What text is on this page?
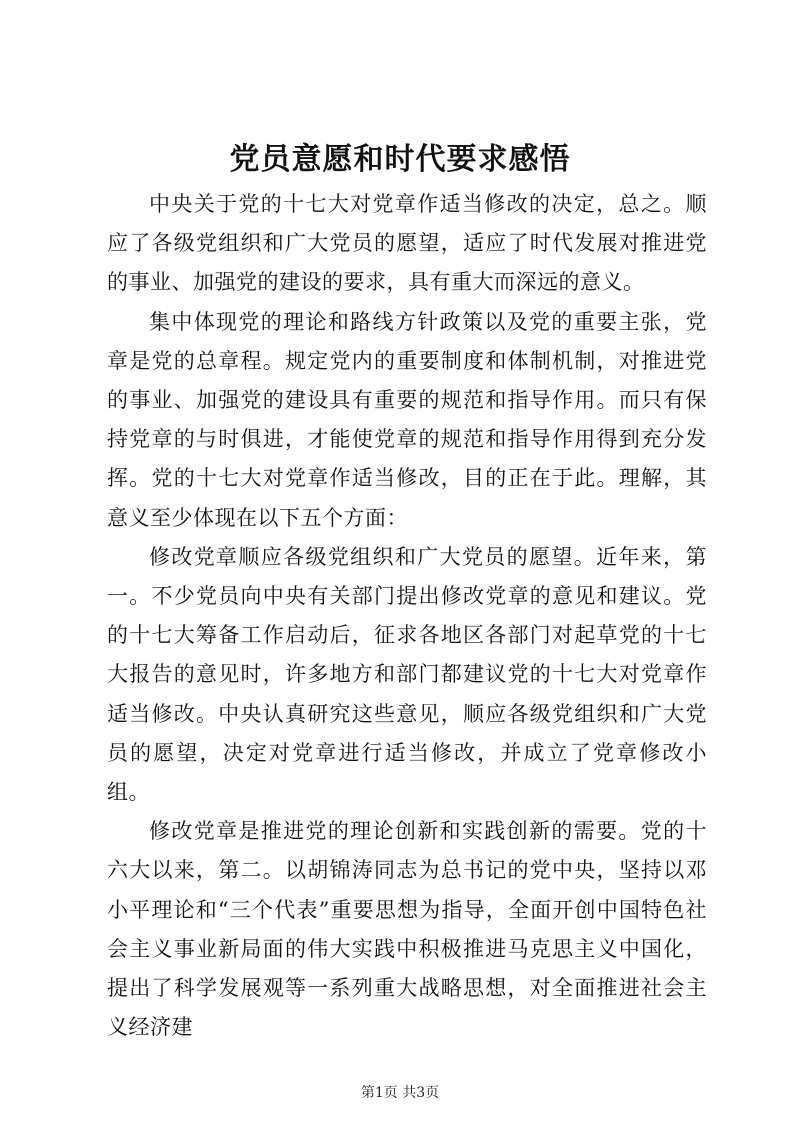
党员意愿和时代要求感悟

中央关于党的十七大对党章作适当修改的决定，总之。顺应了各级党组织和广大党员的愿望，适应了时代发展对推进党的事业、加强党的建设的要求，具有重大而深远的意义。

集中体现党的理论和路线方针政策以及党的重要主张，党章是党的总章程。规定党内的重要制度和体制机制，对推进党的事业、加强党的建设具有重要的规范和指导作用。而只有保持党章的与时俱进，才能使党章的规范和指导作用得到充分发挥。党的十七大对党章作适当修改，目的正在于此。理解，其意义至少体现在以下五个方面：

修改党章顺应各级党组织和广大党员的愿望。近年来，第一。不少党员向中央有关部门提出修改党章的意见和建议。党的十七大筹备工作启动后，征求各地区各部门对起草党的十七大报告的意见时，许多地方和部门都建议党的十七大对党章作适当修改。中央认真研究这些意见，顺应各级党组织和广大党员的愿望，决定对党章进行适当修改，并成立了党章修改小组。

修改党章是推进党的理论创新和实践创新的需要。党的十六大以来，第二。以胡锦涛同志为总书记的党中央，坚持以邓小平理论和“三个代表”重要思想为指导，全面开创中国特色社会主义事业新局面的伟大实践中积极推进马克思主义中国化，提出了科学发展观等一系列重大战略思想，对全面推进社会主义经济建

第1页 共3页
